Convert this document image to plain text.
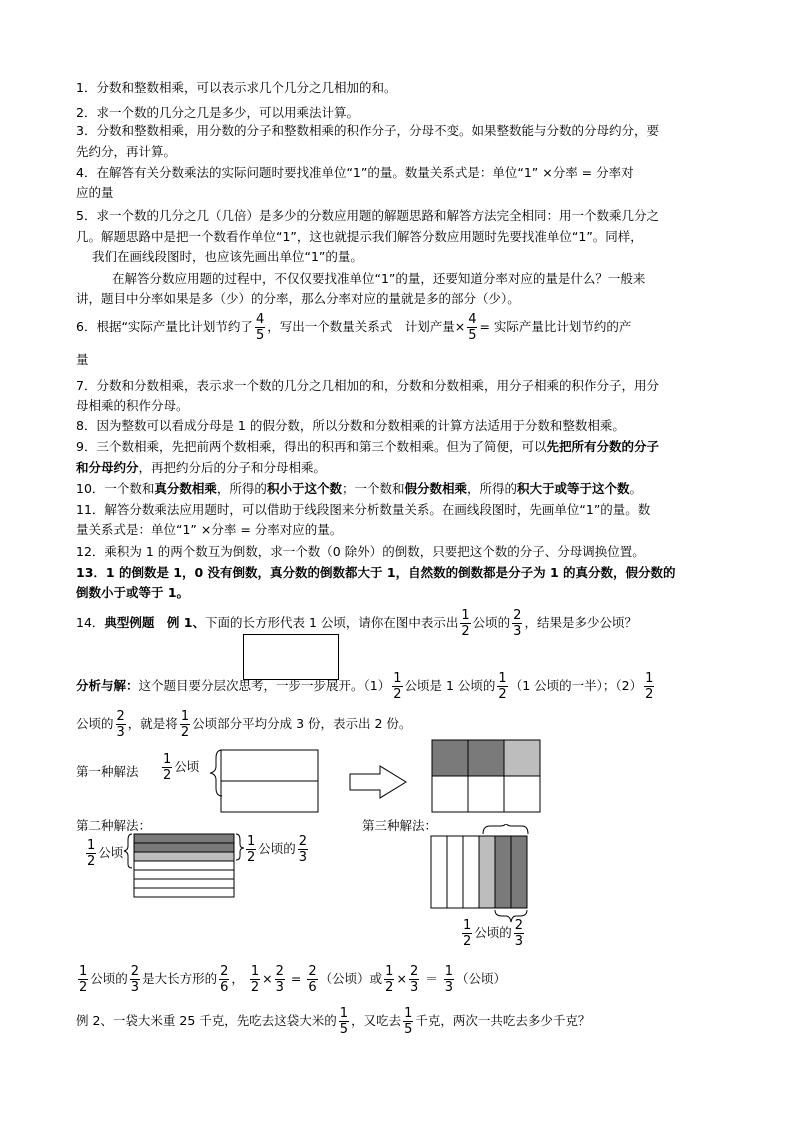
1．分数和整数相乘，可以表示求几个几分之几相加的和。
2．求一个数的几分之几是多少，可以用乘法计算。
3．分数和整数相乘，用分数的分子和整数相乘的积作分子，分母不变。如果整数能与分数的分母约分，要
先约分，再计算。
4．在解答有关分数乘法的实际问题时要找准单位“1”的量。数量关系式是：单位“1” ×分率 = 分率对
应的量
5．求一个数的几分之几（几倍）是多少的分数应用题的解题思路和解答方法完全相同：用一个数乘几分之
几。解题思路中是把一个数看作单位“1”，这也就提示我们解答分数应用题时先要找准单位“1”。同样，
我们在画线段图时，也应该先画出单位“1”的量。
在解答分数应用题的过程中，不仅仅要找准单位“1”的量，还要知道分率对应的量是什么？一般来
讲，题目中分率如果是多（少）的分率，那么分率对应的量就是多的部分（少）。
6．根据“实际产量比计划节约了 $\frac{4}{5}$ ，写出一个数量关系式　计划产量× $\frac{4}{5}$ = 实际产量比计划节约的产
量
7．分数和分数相乘，表示求一个数的几分之几相加的和，分数和分数相乘，用分子相乘的积作分子，用分
母相乘的积作分母。
8．因为整数可以看成分母是 1 的假分数，所以分数和分数相乘的计算方法适用于分数和整数相乘。
9．三个数相乘，先把前两个数相乘，得出的积再和第三个数相乘。但为了简便，可以先把所有分数的分子
和分母约分，再把约分后的分子和分母相乘。
10．一个数和真分数相乘，所得的积小于这个数；一个数和假分数相乘，所得的积大于或等于这个数。
11．解答分数乘法应用题时，可以借助于线段图来分析数量关系。在画线段图时，先画单位“1”的量。数
量关系式是：单位“1” ×分率 = 分率对应的量。
12．乘积为 1 的两个数互为倒数，求一个数（0 除外）的倒数，只要把这个数的分子、分母调换位置。
13．1 的倒数是 1，0 没有倒数，真分数的倒数都大于 1，自然数的倒数都是分子为 1 的真分数，假分数的
倒数小于或等于 1。
14．典型例题　例 1、下面的长方形代表 1 公顷，请你在图中表示出 $\frac{1}{2}$ 公顷的 $\frac{2}{3}$ ，结果是多少公顷？
分析与解：这个题目要分层次思考，一步一步展开。$(1) \frac{1}{2}$ 公顷是 1 公顷的 $\frac{1}{2} (1$ 公顷的一半）；$(2) \frac{1}{2}$
公顷的 $\frac{2}{3}$ ，就是将 $\frac{1}{2}$ 公顷部分平均分成 3 份，表示出 2 份。
第一种解法 $\frac{1}{2}$ 公顷
第二种解法：
$\frac{1}{2}$ 公顷	$\frac{1}{2}$ 公顷的 $\frac{2}{3}$
第三种解法：
$\frac{1}{2}$ 公顷的 $\frac{2}{3}$
$\frac{1}{2}$ 公顷的 $\frac{2}{3}$ 是大长方形的 $\frac{2}{6}$ ， $\frac{1}{2} \times \frac{2}{3} = \frac{2}{6}$ （公顷）或 $\frac{1}{2} \times \frac{2}{3} = \frac{1}{3}$ （公顷）
例 2、一袋大米重 25 千克，先吃去这袋大米的 $\frac{1}{5}$ ，又吃去 $\frac{1}{5}$ 千克，两次一共吃去多少千克？
